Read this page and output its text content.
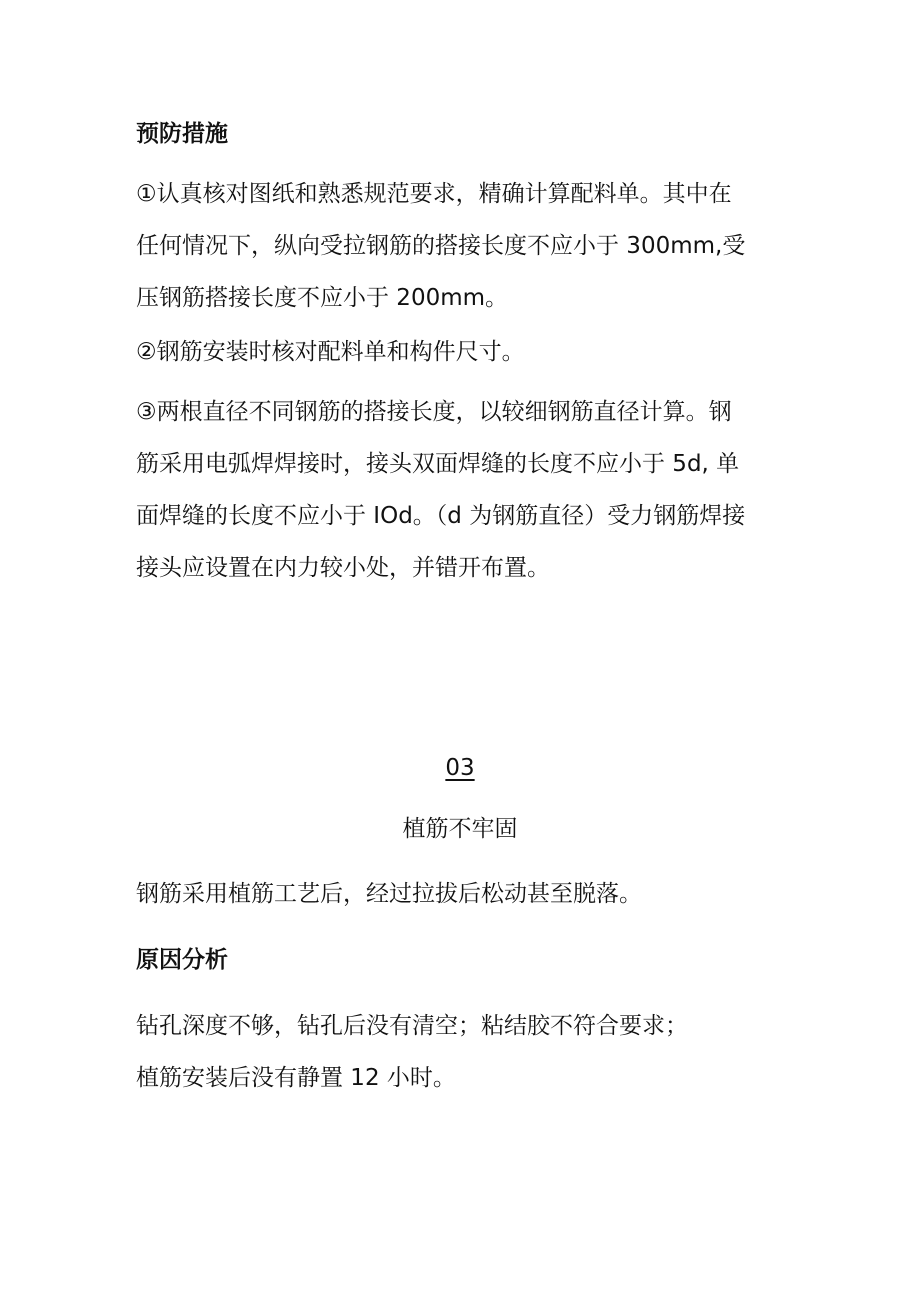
预防措施
①认真核对图纸和熟悉规范要求，精确计算配料单。其中在
任何情况下，纵向受拉钢筋的搭接长度不应小于 300mm,受
压钢筋搭接长度不应小于 200mm。
②钢筋安装时核对配料单和构件尺寸。
③两根直径不同钢筋的搭接长度，以较细钢筋直径计算。钢
筋采用电弧焊焊接时，接头双面焊缝的长度不应小于 5d, 单
面焊缝的长度不应小于 IOd。（d 为钢筋直径）受力钢筋焊接
接头应设置在内力较小处，并错开布置。
03
植筋不牢固
钢筋采用植筋工艺后，经过拉拔后松动甚至脱落。
原因分析
钻孔深度不够，钻孔后没有清空；粘结胶不符合要求；
植筋安装后没有静置 12 小时。
